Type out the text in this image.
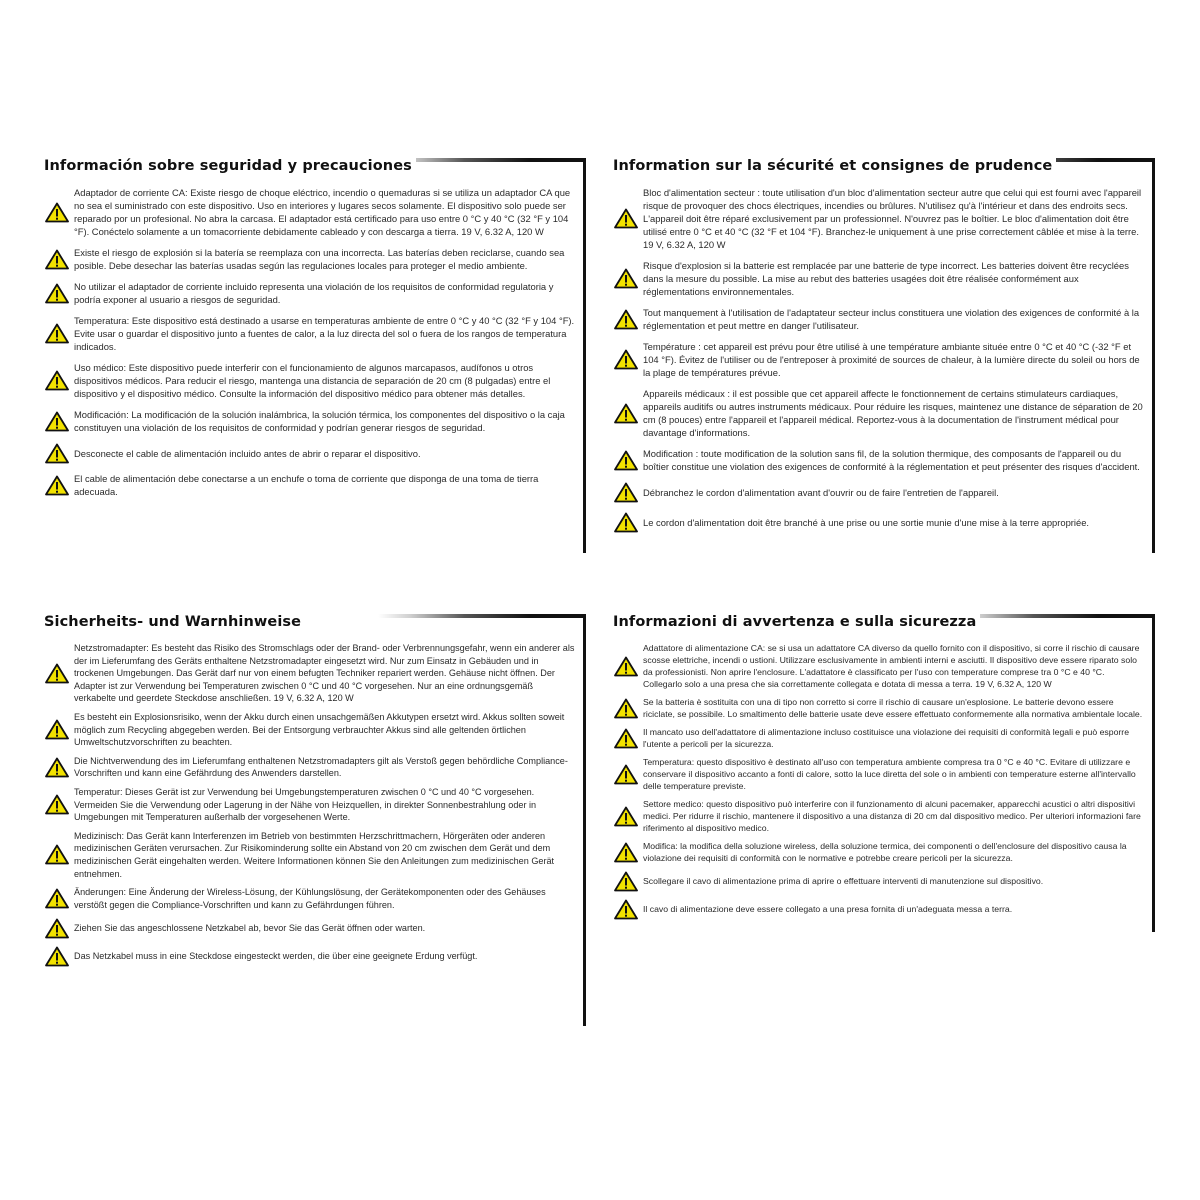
Información sobre seguridad y precauciones
Adaptador de corriente CA: Existe riesgo de choque eléctrico, incendio o quemaduras si se utiliza un adaptador CA que no sea el suministrado con este dispositivo. Uso en interiores y lugares secos solamente. El dispositivo solo puede ser reparado por un profesional. No abra la carcasa. El adaptador está certificado para uso entre 0 °C y 40 °C (32 °F y 104 °F). Conéctelo solamente a un tomacorriente debidamente cableado y con descarga a tierra. 19 V, 6.32 A, 120 W
Existe el riesgo de explosión si la batería se reemplaza con una incorrecta. Las baterías deben reciclarse, cuando sea posible. Debe desechar las baterías usadas según las regulaciones locales para proteger el medio ambiente.
No utilizar el adaptador de corriente incluido representa una violación de los requisitos de conformidad regulatoria y podría exponer al usuario a riesgos de seguridad.
Temperatura: Este dispositivo está destinado a usarse en temperaturas ambiente de entre 0 °C y 40 °C (32 °F y 104 °F). Evite usar o guardar el dispositivo junto a fuentes de calor, a la luz directa del sol o fuera de los rangos de temperatura indicados.
Uso médico: Este dispositivo puede interferir con el funcionamiento de algunos marcapasos, audífonos u otros dispositivos médicos. Para reducir el riesgo, mantenga una distancia de separación de 20 cm (8 pulgadas) entre el dispositivo y el dispositivo médico. Consulte la información del dispositivo médico para obtener más detalles.
Modificación: La modificación de la solución inalámbrica, la solución térmica, los componentes del dispositivo o la caja constituyen una violación de los requisitos de conformidad y podrían generar riesgos de seguridad.
Desconecte el cable de alimentación incluido antes de abrir o reparar el dispositivo.
El cable de alimentación debe conectarse a un enchufe o toma de corriente que disponga de una toma de tierra adecuada.
Information sur la sécurité et consignes de prudence
Bloc d'alimentation secteur : toute utilisation d'un bloc d'alimentation secteur autre que celui qui est fourni avec l'appareil risque de provoquer des chocs électriques, incendies ou brûlures. N'utilisez qu'à l'intérieur et dans des endroits secs. L'appareil doit être réparé exclusivement par un professionnel. N'ouvrez pas le boîtier. Le bloc d'alimentation doit être utilisé entre 0 °C et 40 °C (32 °F et 104 °F). Branchez-le uniquement à une prise correctement câblée et mise à la terre. 19 V, 6.32 A, 120 W
Risque d'explosion si la batterie est remplacée par une batterie de type incorrect. Les batteries doivent être recyclées dans la mesure du possible. La mise au rebut des batteries usagées doit être réalisée conformément aux réglementations environnementales.
Tout manquement à l'utilisation de l'adaptateur secteur inclus constituera une violation des exigences de conformité à la réglementation et peut mettre en danger l'utilisateur.
Température : cet appareil est prévu pour être utilisé à une température ambiante située entre 0 °C et 40 °C (-32 °F et 104 °F). Évitez de l'utiliser ou de l'entreposer à proximité de sources de chaleur, à la lumière directe du soleil ou hors de la plage de températures prévue.
Appareils médicaux : il est possible que cet appareil affecte le fonctionnement de certains stimulateurs cardiaques, appareils auditifs ou autres instruments médicaux. Pour réduire les risques, maintenez une distance de séparation de 20 cm (8 pouces) entre l'appareil et l'appareil médical. Reportez-vous à la documentation de l'instrument médical pour davantage d'informations.
Modification : toute modification de la solution sans fil, de la solution thermique, des composants de l'appareil ou du boîtier constitue une violation des exigences de conformité à la réglementation et peut présenter des risques d'accident.
Débranchez le cordon d'alimentation avant d'ouvrir ou de faire l'entretien de l'appareil.
Le cordon d'alimentation doit être branché à une prise ou une sortie munie d'une mise à la terre appropriée.
Sicherheits- und Warnhinweise
Netzstromadapter: Es besteht das Risiko des Stromschlags oder der Brand- oder Verbrennungsgefahr, wenn ein anderer als der im Lieferumfang des Geräts enthaltene Netzstromadapter eingesetzt wird. Nur zum Einsatz in Gebäuden und in trockenen Umgebungen. Das Gerät darf nur von einem befugten Techniker repariert werden. Gehäuse nicht öffnen. Der Adapter ist zur Verwendung bei Temperaturen zwischen 0 °C und 40 °C vorgesehen. Nur an eine ordnungsgemäß verkabelte und geerdete Steckdose anschließen. 19 V, 6.32 A, 120 W
Es besteht ein Explosionsrisiko, wenn der Akku durch einen unsachgemäßen Akkutypen ersetzt wird. Akkus sollten soweit möglich zum Recycling abgegeben werden. Bei der Entsorgung verbrauchter Akkus sind alle geltenden örtlichen Umweltschutzvorschriften zu beachten.
Die Nichtverwendung des im Lieferumfang enthaltenen Netzstromadapters gilt als Verstoß gegen behördliche Compliance-Vorschriften und kann eine Gefährdung des Anwenders darstellen.
Temperatur: Dieses Gerät ist zur Verwendung bei Umgebungstemperaturen zwischen 0 °C und 40 °C vorgesehen. Vermeiden Sie die Verwendung oder Lagerung in der Nähe von Heizquellen, in direkter Sonnenbestrahlung oder in Umgebungen mit Temperaturen außerhalb der vorgesehenen Werte.
Medizinisch: Das Gerät kann Interferenzen im Betrieb von bestimmten Herzschrittmachern, Hörgeräten oder anderen medizinischen Geräten verursachen. Zur Risikominderung sollte ein Abstand von 20 cm zwischen dem Gerät und dem medizinischen Gerät eingehalten werden. Weitere Informationen können Sie den Anleitungen zum medizinischen Gerät entnehmen.
Änderungen: Eine Änderung der Wireless-Lösung, der Kühlungslösung, der Gerätekomponenten oder des Gehäuses verstößt gegen die Compliance-Vorschriften und kann zu Gefährdungen führen.
Ziehen Sie das angeschlossene Netzkabel ab, bevor Sie das Gerät öffnen oder warten.
Das Netzkabel muss in eine Steckdose eingesteckt werden, die über eine geeignete Erdung verfügt.
Informazioni di avvertenza e sulla sicurezza
Adattatore di alimentazione CA: se si usa un adattatore CA diverso da quello fornito con il dispositivo, si corre il rischio di causare scosse elettriche, incendi o ustioni. Utilizzare esclusivamente in ambienti interni e asciutti. Il dispositivo deve essere riparato solo da professionisti. Non aprire l'enclosure. L'adattatore è classificato per l'uso con temperature comprese tra 0 °C e 40 °C. Collegarlo solo a una presa che sia correttamente collegata e dotata di messa a terra. 19 V, 6.32 A, 120 W
Se la batteria è sostituita con una di tipo non corretto si corre il rischio di causare un'esplosione. Le batterie devono essere riciclate, se possibile. Lo smaltimento delle batterie usate deve essere effettuato conformemente alla normativa ambientale locale.
Il mancato uso dell'adattatore di alimentazione incluso costituisce una violazione dei requisiti di conformità legali e può esporre l'utente a pericoli per la sicurezza.
Temperatura: questo dispositivo è destinato all'uso con temperatura ambiente compresa tra 0 °C e 40 °C. Evitare di utilizzare e conservare il dispositivo accanto a fonti di calore, sotto la luce diretta del sole o in ambienti con temperature esterne all'intervallo delle temperature previste.
Settore medico: questo dispositivo può interferire con il funzionamento di alcuni pacemaker, apparecchi acustici o altri dispositivi medici. Per ridurre il rischio, mantenere il dispositivo a una distanza di 20 cm dal dispositivo medico. Per ulteriori informazioni fare riferimento al dispositivo medico.
Modifica: la modifica della soluzione wireless, della soluzione termica, dei componenti o dell'enclosure del dispositivo causa la violazione dei requisiti di conformità con le normative e potrebbe creare pericoli per la sicurezza.
Scollegare il cavo di alimentazione prima di aprire o effettuare interventi di manutenzione sul dispositivo.
Il cavo di alimentazione deve essere collegato a una presa fornita di un'adeguata messa a terra.
